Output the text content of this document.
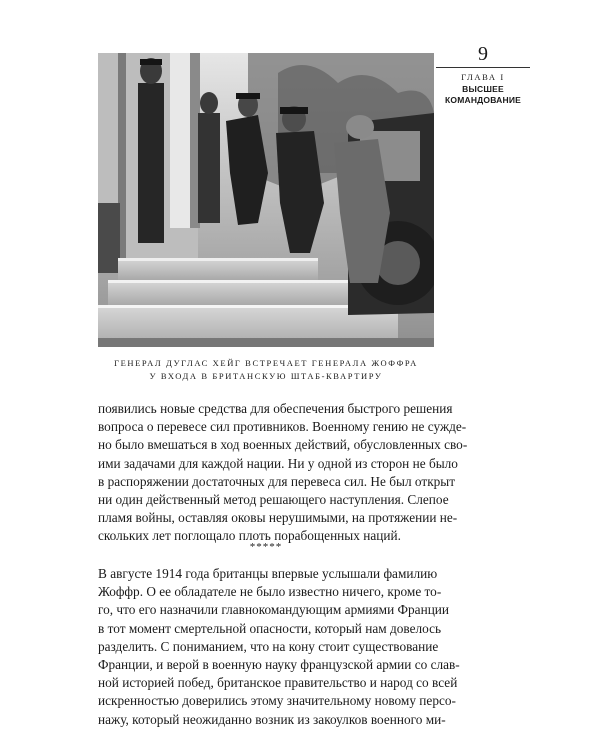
9
ГЛАВА I
ВЫСШЕЕ
КОМАНДОВАНИЕ
ГЕНЕРАЛ ДУГЛАС ХЕЙГ ВСТРЕЧАЕТ ГЕНЕРАЛА ЖОФФРА
У ВХОДА В БРИТАНСКУЮ ШТАБ-КВАРТИРУ
появились новые средства для обеспечения быстрого решения
вопроса о перевесе сил противников. Военному гению не сужде-
но было вмешаться в ход военных действий, обусловленных сво-
ими задачами для каждой нации. Ни у одной из сторон не было
в распоряжении достаточных для перевеса сил. Не был открыт
ни один действенный метод решающего наступления. Слепое
пламя войны, оставляя оковы нерушимыми, на протяжении не-
скольких лет поглощало плоть порабощенных наций.
*****
В августе 1914 года британцы впервые услышали фамилию
Жоффр. О ее обладателе не было известно ничего, кроме то-
го, что его назначили главнокомандующим армиями Франции
в тот момент смертельной опасности, который нам довелось
разделить. С пониманием, что на кону стоит существование
Франции, и верой в военную науку французской армии со слав-
ной историей побед, британское правительство и народ со всей
искренностью доверились этому значительному новому персо-
нажу, который неожиданно возник из закоулков военного ми-
